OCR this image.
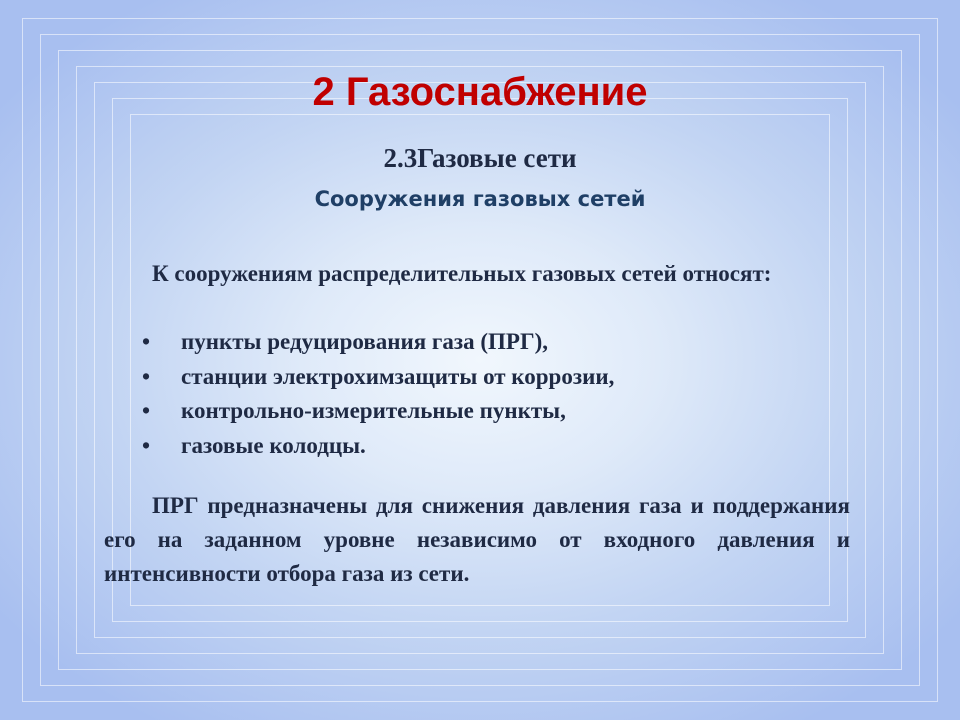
2 Газоснабжение
2.3Газовые сети
Сооружения газовых сетей

К сооружениям распределительных газовых сетей относят:

• пункты редуцирования газа (ПРГ),
• станции электрохимзащиты от коррозии,
• контрольно-измерительные пункты,
• газовые колодцы.

ПРГ предназначены для снижения давления газа и поддержания его на заданном уровне независимо от входного давления и интенсивности отбора газа из сети.
